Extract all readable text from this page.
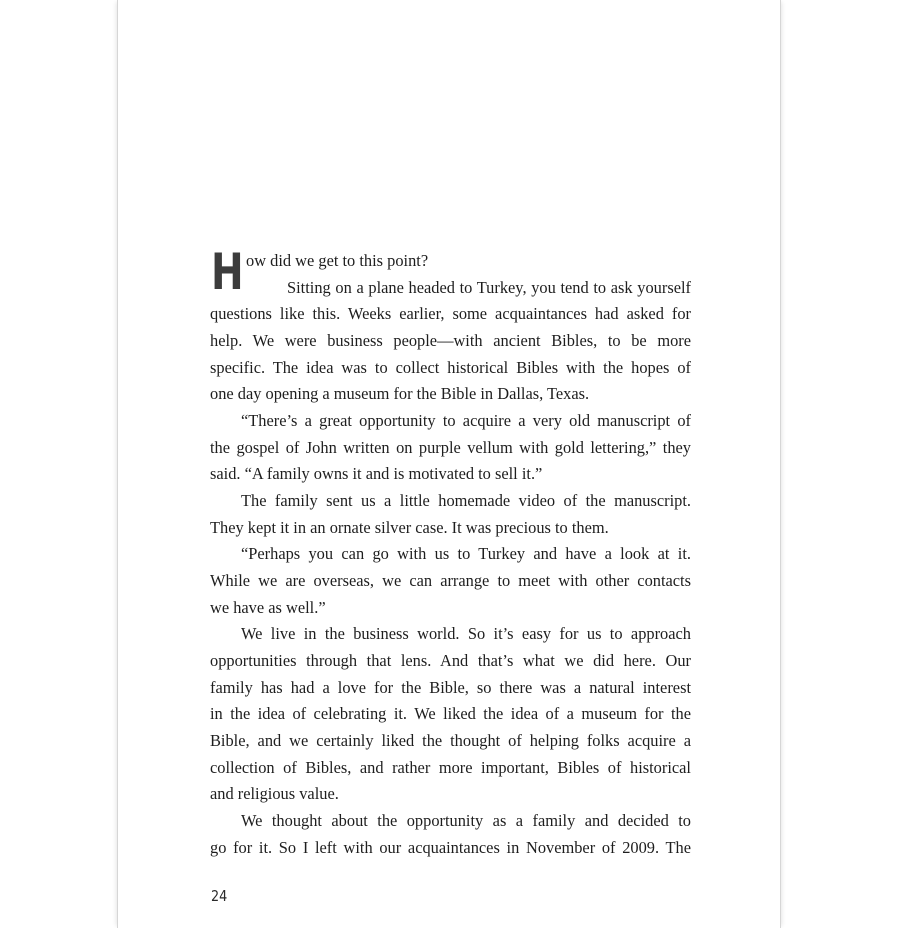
H ow did we get to this point?
Sitting on a plane headed to Turkey, you tend to ask yourself
questions like this. Weeks earlier, some acquaintances had asked for
help. We were business people—with ancient Bibles, to be more
specific. The idea was to collect historical Bibles with the hopes of
one day opening a museum for the Bible in Dallas, Texas.
“There’s a great opportunity to acquire a very old manuscript of
the gospel of John written on purple vellum with gold lettering,” they
said. “A family owns it and is motivated to sell it.”
The family sent us a little homemade video of the manuscript.
They kept it in an ornate silver case. It was precious to them.
“Perhaps you can go with us to Turkey and have a look at it.
While we are overseas, we can arrange to meet with other contacts
we have as well.”
We live in the business world. So it’s easy for us to approach
opportunities through that lens. And that’s what we did here. Our
family has had a love for the Bible, so there was a natural interest
in the idea of celebrating it. We liked the idea of a museum for the
Bible, and we certainly liked the thought of helping folks acquire a
collection of Bibles, and rather more important, Bibles of historical
and religious value.
We thought about the opportunity as a family and decided to
go for it. So I left with our acquaintances in November of 2009. The
24
